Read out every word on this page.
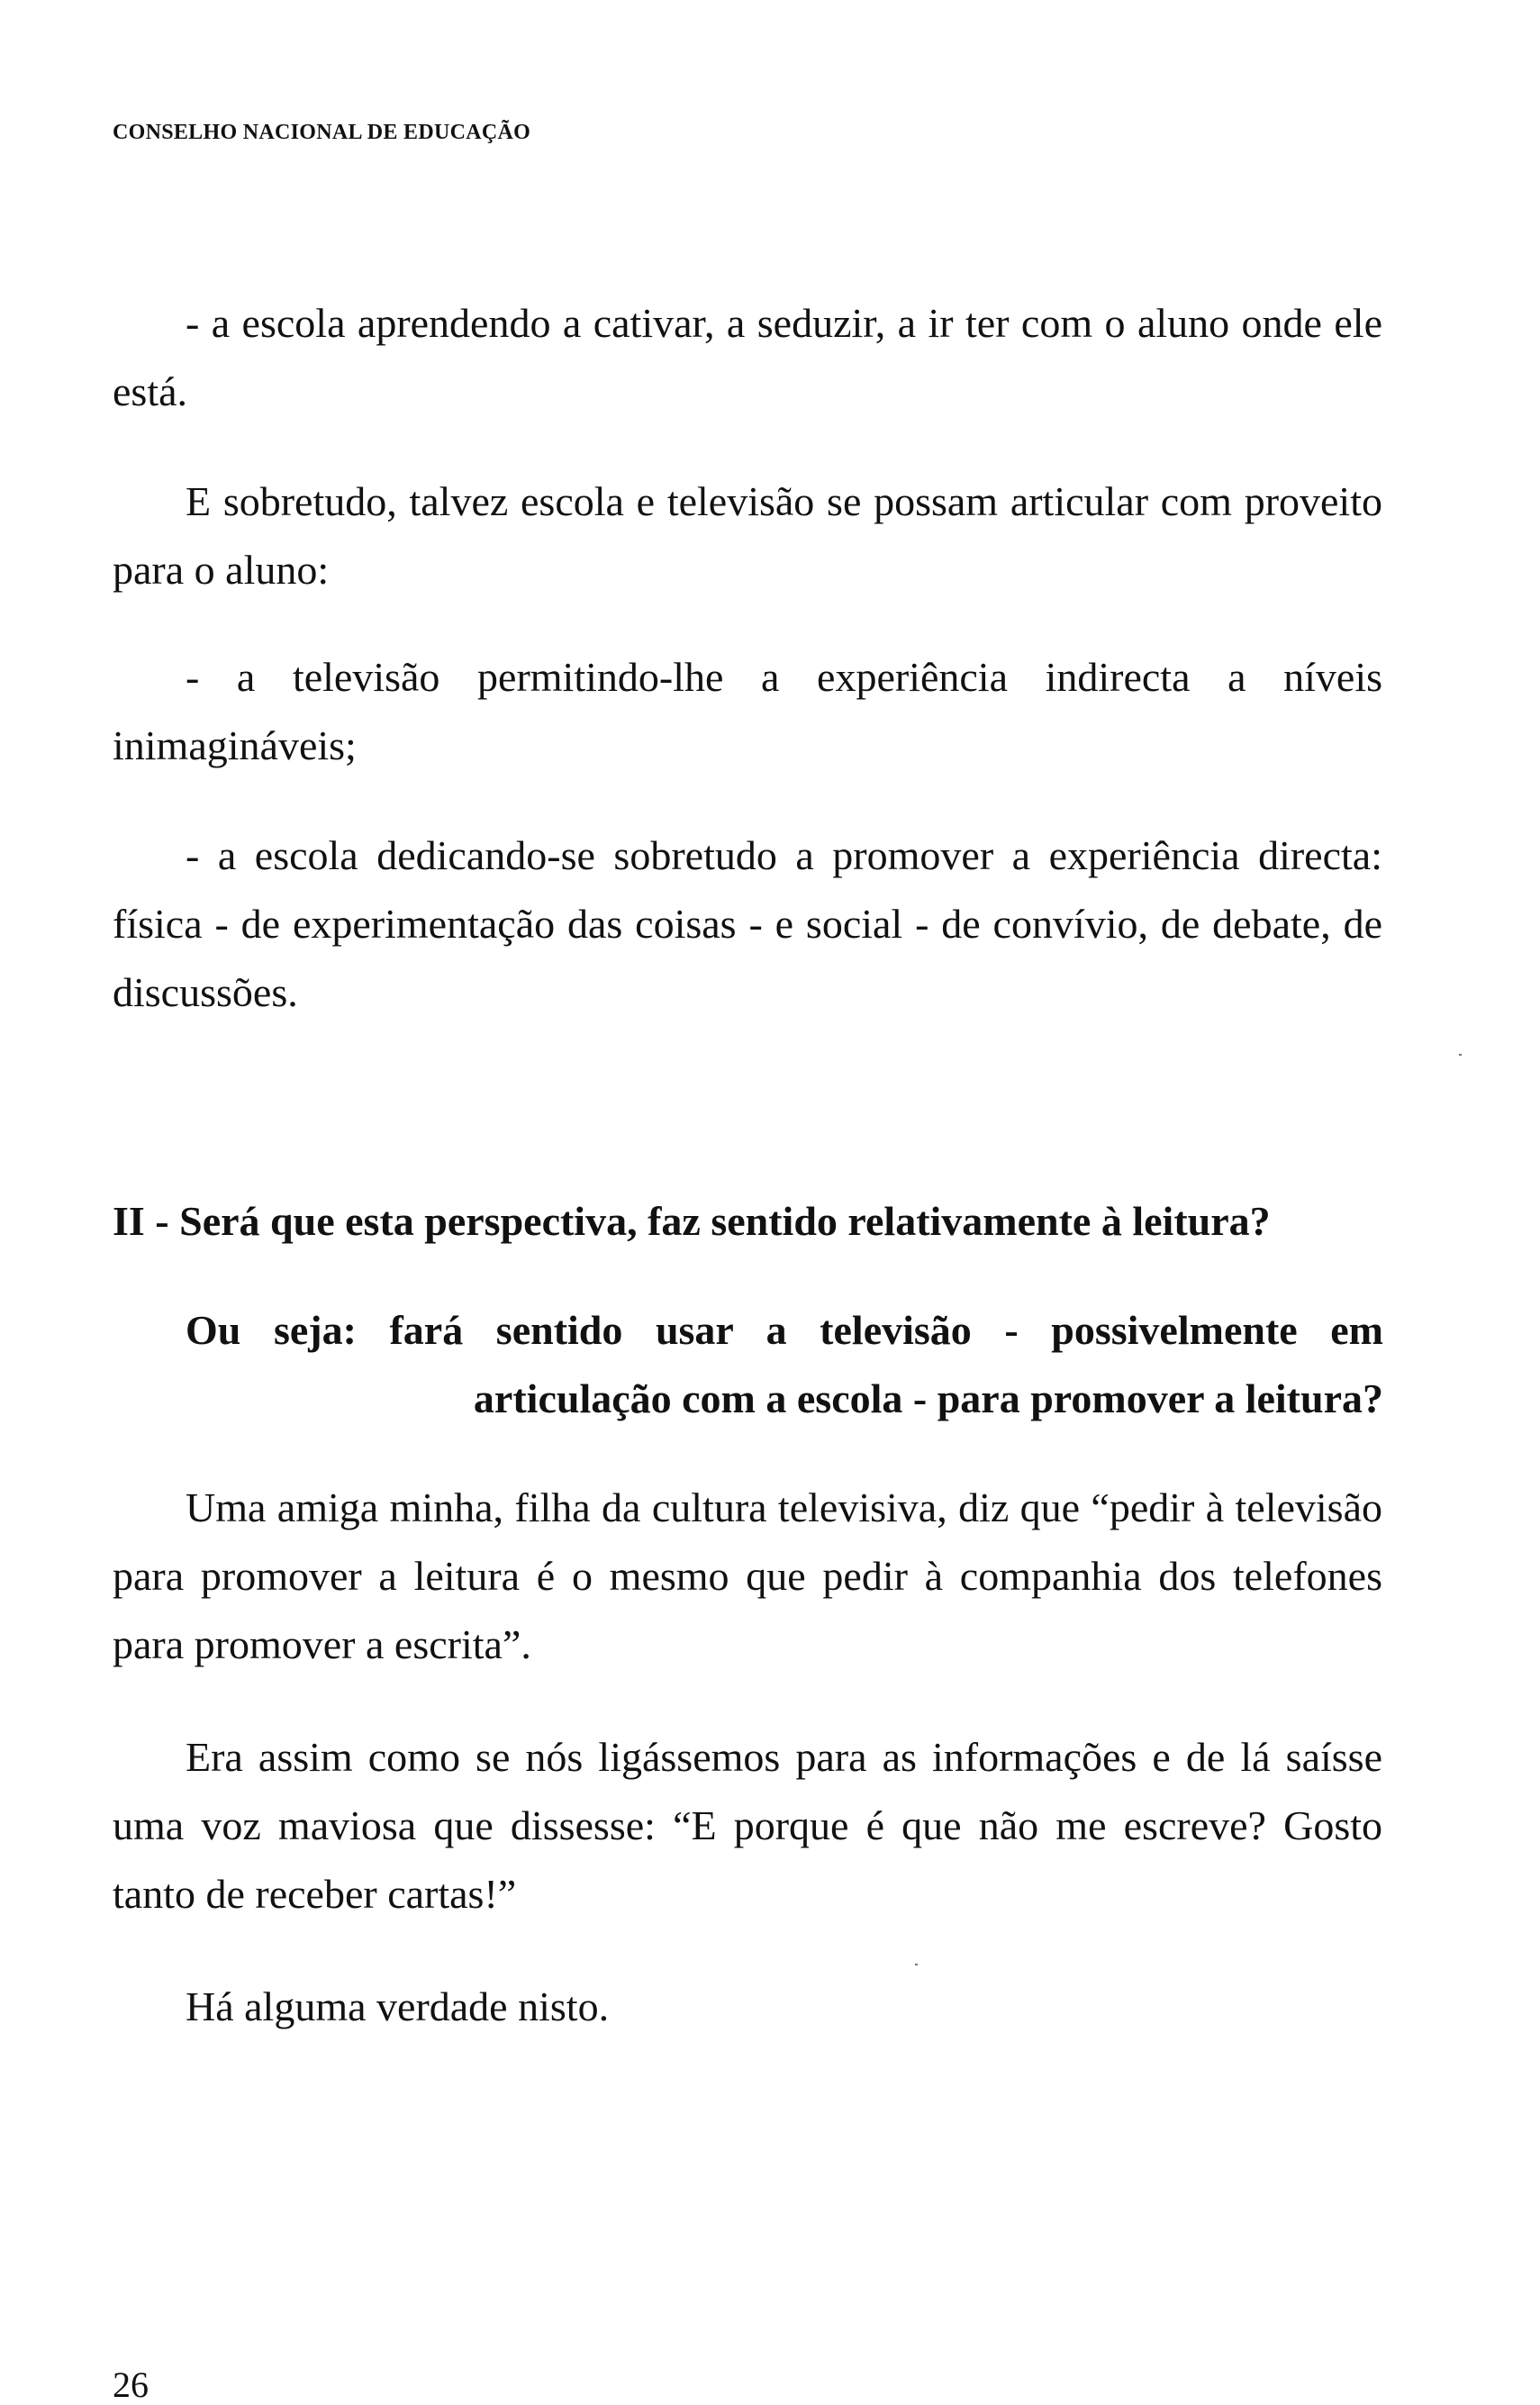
CONSELHO NACIONAL DE EDUCAÇÃO

- a escola aprendendo a cativar, a seduzir, a ir ter com o aluno onde ele está.

E sobretudo, talvez escola e televisão se possam articular com proveito para o aluno:

- a televisão permitindo-lhe a experiência indirecta a níveis inimagináveis;

- a escola dedicando-se sobretudo a promover a experiência directa: física - de experimentação das coisas - e social - de convívio, de debate, de discussões.

II - Será que esta perspectiva, faz sentido relativamente à leitura?

Ou seja: fará sentido usar a televisão - possivelmente em articulação com a escola - para promover a leitura?

Uma amiga minha, filha da cultura televisiva, diz que “pedir à televisão para promover a leitura é o mesmo que pedir à companhia dos telefones para promover a escrita”.

Era assim como se nós ligássemos para as informações e de lá saísse uma voz maviosa que dissesse: “E porque é que não me escreve? Gosto tanto de receber cartas!”

Há alguma verdade nisto.

26
